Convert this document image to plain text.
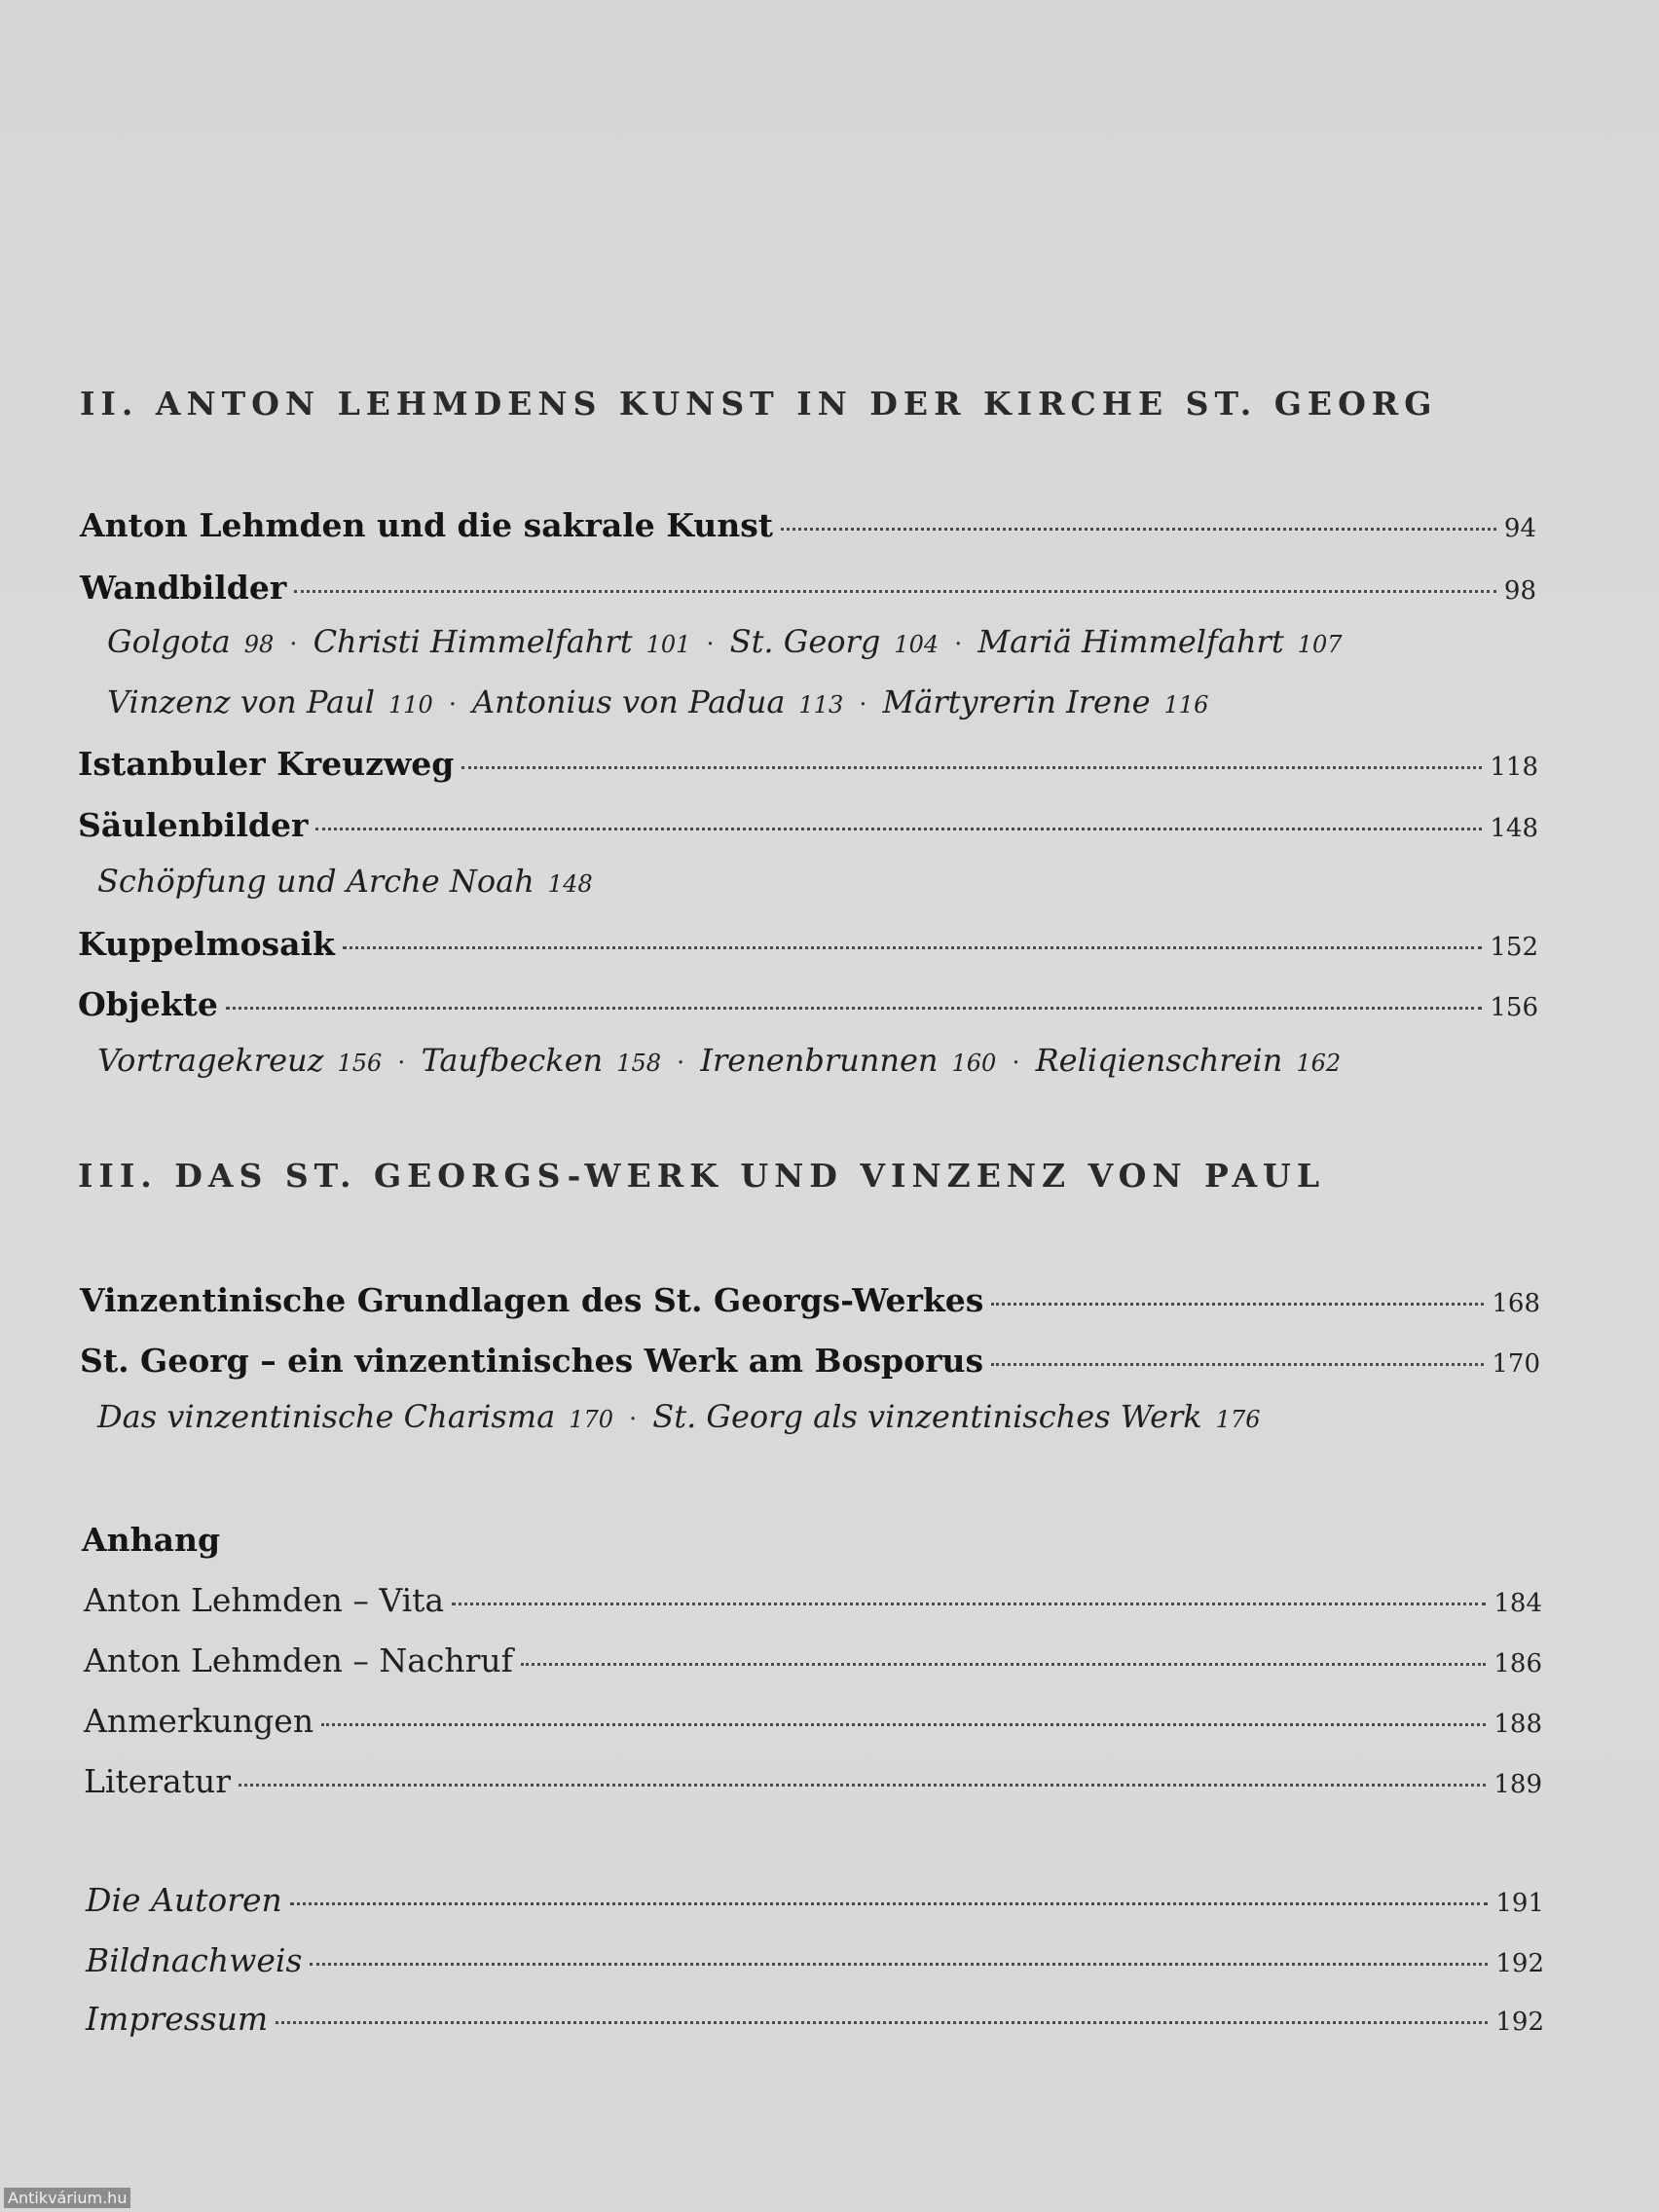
II. ANTON LEHMDENS KUNST IN DER KIRCHE ST. GEORG
Anton Lehmden und die sakrale Kunst	94
Wandbilder	98
Golgota 98 · Christi Himmelfahrt 101 · St. Georg 104 · Mariä Himmelfahrt 107
Vinzenz von Paul 110 · Antonius von Padua 113 · Märtyrerin Irene 116
Istanbuler Kreuzweg	118
Säulenbilder	148
Schöpfung und Arche Noah 148
Kuppelmosaik	152
Objekte	156
Vortragekreuz 156 · Taufbecken 158 · Irenenbrunnen 160 · Reliqienschrein 162
III. DAS ST. GEORGS-WERK UND VINZENZ VON PAUL
Vinzentinische Grundlagen des St. Georgs-Werkes	168
St. Georg – ein vinzentinisches Werk am Bosporus	170
Das vinzentinische Charisma 170 · St. Georg als vinzentinisches Werk 176
Anhang
Anton Lehmden – Vita	184
Anton Lehmden – Nachruf	186
Anmerkungen	188
Literatur	189
Die Autoren	191
Bildnachweis	192
Impressum	192
Antikvárium.hu
